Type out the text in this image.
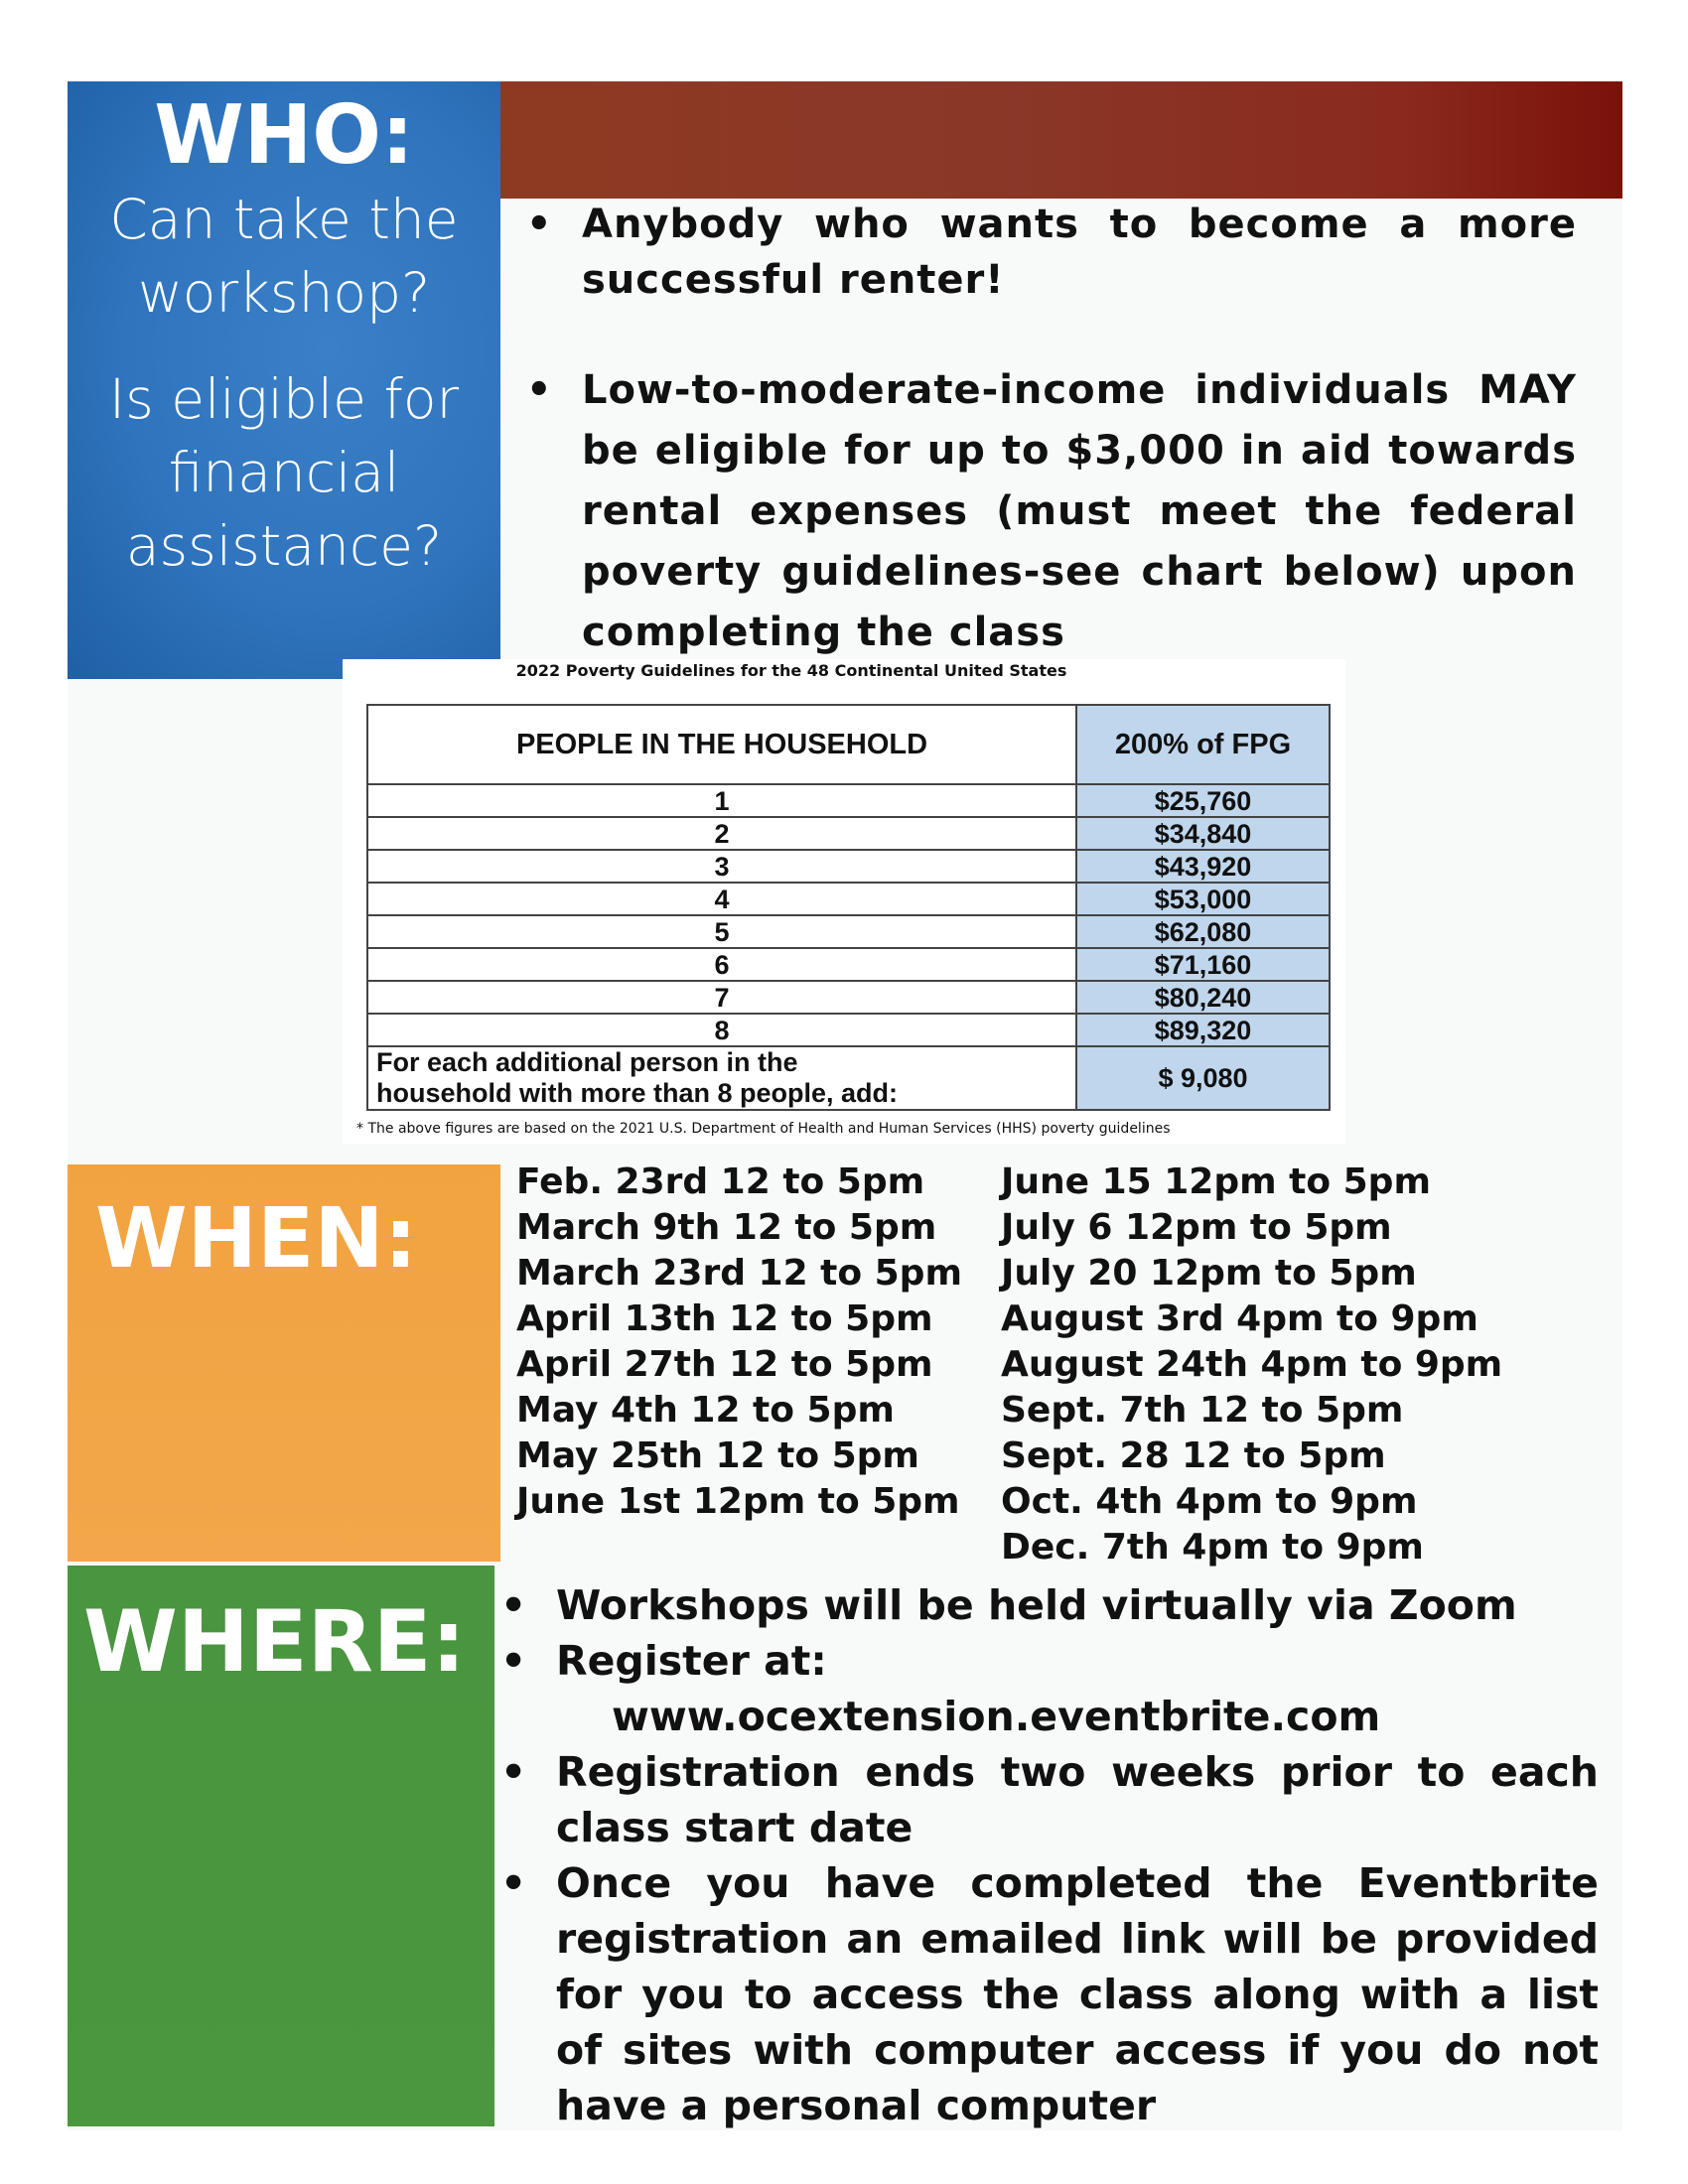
WHO:
Can take the
workshop?
Is eligible for
financial
assistance?
• Anybody who wants to become a more successful renter!
• Low-to-moderate-income individuals MAY be eligible for up to $3,000 in aid towards rental expenses (must meet the federal poverty guidelines-see chart below) upon completing the class
2022 Poverty Guidelines for the 48 Continental United States
PEOPLE IN THE HOUSEHOLD	200% of FPG
1	$25,760
2	$34,840
3	$43,920
4	$53,000
5	$62,080
6	$71,160
7	$80,240
8	$89,320

For each additional person in the
household with more than 8 people, add:	$ 9,080
* The above figures are based on the 2021 U.S. Department of Health and Human Services (HHS) poverty guidelines
WHEN:
Feb. 23rd 12 to 5pm
March 9th 12 to 5pm
March 23rd 12 to 5pm
April 13th 12 to 5pm
April 27th 12 to 5pm
May 4th 12 to 5pm
May 25th 12 to 5pm
June 1st 12pm to 5pm
June 15 12pm to 5pm
July 6 12pm to 5pm
July 20 12pm to 5pm
August 3rd 4pm to 9pm
August 24th 4pm to 9pm
Sept. 7th 12 to 5pm
Sept. 28 12 to 5pm
Oct. 4th 4pm to 9pm
Dec. 7th 4pm to 9pm
WHERE: • Workshops will be held virtually via Zoom
• Register at:
www.ocextension.eventbrite.com
• Registration ends two weeks prior to each class start date
• Once you have completed the Eventbrite registration an emailed link will be provided for you to access the class along with a list of sites with computer access if you do not have a personal computer
